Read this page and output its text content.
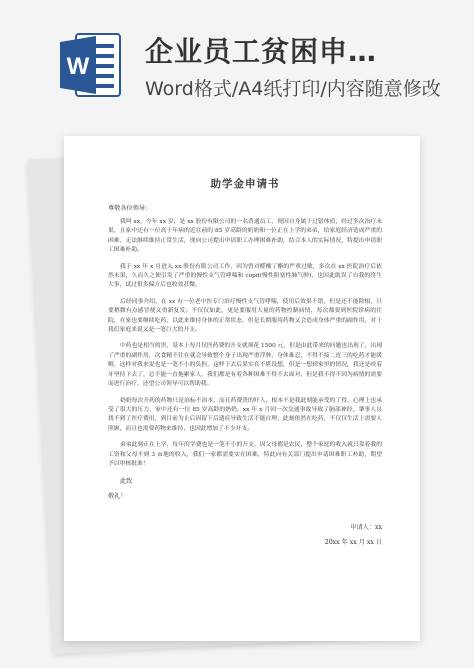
W 企业员工贫困申…
Word格式/A4纸打印/内容随意修改
助学金申请书
尊敬各位领导：

我叫 xx，今年 xx 岁，是 xx 股份有限公司的一名普通员工，现因自身属于过错体质，经过多次治疗未果，且家中还有一位高于年病的近在前的 85 岁高龄的奶奶和一位正在上学的弟弟，给家庭经济造成严重的困难，无法继续维持正常生活，现向公司提出申请职工办理困难补助，结合本人的实际情况，特提出申请职工困难补助。

我于 xx 年 x 月进入 xx 股份有限公司工作，因为曾对醛酸了酯的严重过敏，多次在 xx 医院治疗后依然未果，久而久之便引发了严重的慢性支气管哮喘和 copd(慢性阻塞性肺气肿)，也因此耽误了自我的终生大事，试过很多偏方后也收效甚微。

后经同事介绍，在 xx 有一位老中医专门治疗慢性支气管哮喘，使用后效果不错，但是还不能除根，只要稍微有点感冒便又重新复发；不仅仅如此，更是要服用大量的药物控制病情，每次都要到医院诊病的住院，在家也要继续吃药，以此来维持身体的正常状态，但是长期服用药物又会造成身体严重的副作用，对于我们家庭来说又是一笔巨大的开支。

中药也是相当的贵，基本上每月仅医药费的开支就须花 1500 元，但是由此带来的问题也出现了，出现了严重的副作用，次食精不往在就会导致整个身子出现严重浮肿，身体难忍，不得不接二连三的吃药才能缓解，这样对我来说也是一笔不小的负担，这样下去后果实在不堪设想，但是一想到家里的情况，我还是咬着牙坚持下去了，总不能一直拖累家人，我们都是有着各种困难不得不去面对，但是我不得不因为病情的需要而进行治疗，还望公司领导可以帮助我。

奶奶每次开药的药物只是治标不治本，而且药费贵的吓人，根本不是我此刻能承受的了得，心理上也承受了很大的压力，家中还有一位 85 岁高龄的奶奶，xx 年 x 月因一次交通事故导致了脑部神经，肇事人员找不到了医疗费用，到目前为止后因留下后遗症导致生活不能自理，此刻依然在吃药，不仅仅生活上需要人照顾，而且也需要药物来维持，也因此增加了不少开支。

弟弟此刻正在上学，每年的学费也是一笔不小的开支，因父母都是农民，整个家庭的收入就只靠着我的工资和父母不到 3 亩地的收入，我们一家都需要实在困难，特此向有关部门提出申请困难职工补助，期望予以审核批准！

此致
敬礼！
申请人：xx
20xx 年 xx 月 xx 日
